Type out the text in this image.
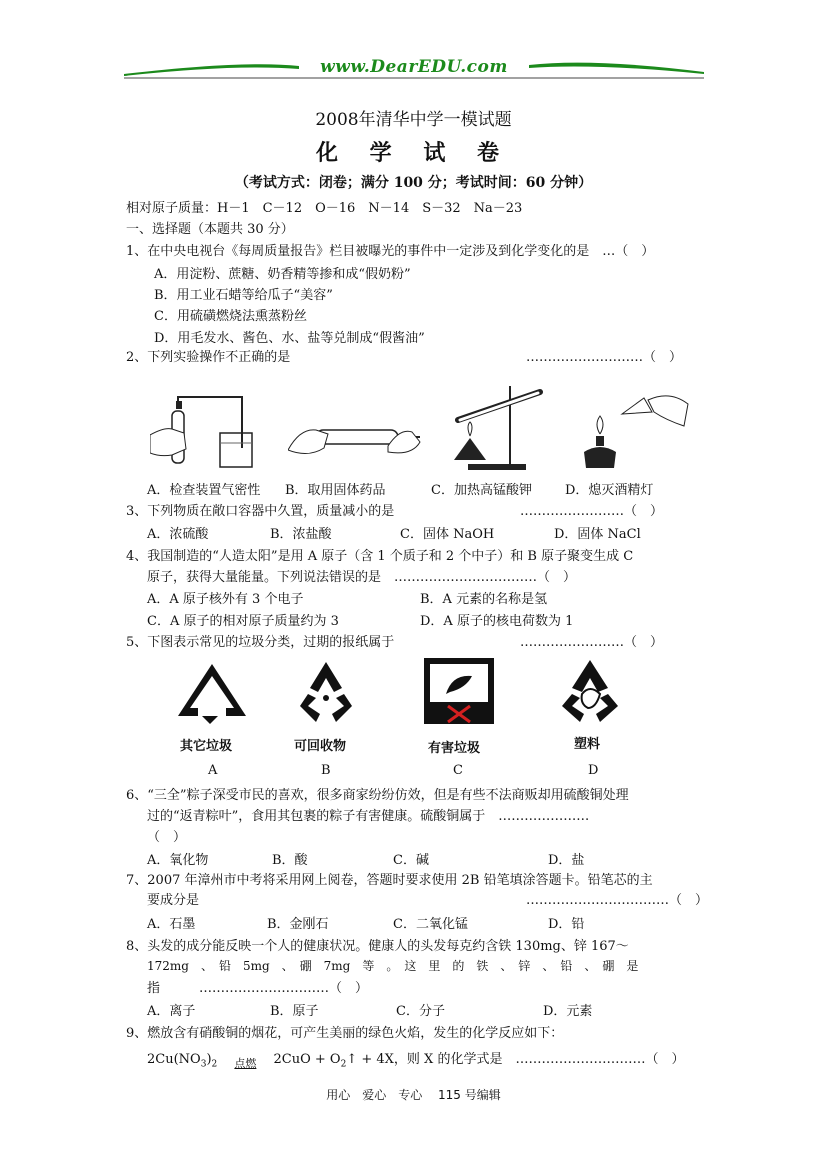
www.DearEDU.com
2008年清华中学一模试题
化 学 试 卷
（考试方式：闭卷；满分 100 分；考试时间：60 分钟）
相对原子质量：H－1　C－12　O－16　N－14　S－32　Na－23
一、选择题（本题共 30 分）
1、在中央电视台《每周质量报告》栏目被曝光的事件中一定涉及到化学变化的是　…（　）
A．用淀粉、蔗糖、奶香精等掺和成“假奶粉”
B．用工业石蜡等给瓜子“美容”
C．用硫磺燃烧法熏蒸粉丝
D．用毛发水、酱色、水、盐等兑制成“假酱油”
2、下列实验操作不正确的是	………………………（　）
A．检查装置气密性 B．取用固体药品	C．加热高锰酸钾	D．熄灭酒精灯
3、下列物质在敞口容器中久置，质量减小的是	……………………（　）
A．浓硫酸	B．浓盐酸	C．固体 NaOH	D．固体 NaCl
4、我国制造的“人造太阳”是用 A 原子（含 1 个质子和 2 个中子）和 B 原子聚变生成 C
原子，获得大量能量。下列说法错误的是　……………………………（　）
A．A 原子核外有 3 个电子	B．A 元素的名称是氢
C．A 原子的相对原子质量约为 3	D．A 原子的核电荷数为 1
5、下图表示常见的垃圾分类，过期的报纸属于	……………………（　）
其它垃圾	可回收物	有害垃圾	塑料
A	B	C	D
6、“三全”粽子深受市民的喜欢，很多商家纷纷仿效，但是有些不法商贩却用硫酸铜处理
过的“返青粽叶”，食用其包裹的粽子有害健康。硫酸铜属于　…………………
（　）
A．氧化物	B．酸	C．碱	D．盐
7、2007 年漳州市中考将采用网上阅卷，答题时要求使用 2B 铅笔填涂答题卡。铅笔芯的主
要成分是	……………………………（　）
A．石墨	B．金刚石	C．二氧化锰	D．铅
8、头发的成分能反映一个人的健康状况。健康人的头发每克约含铁 130mg、锌 167～
172mg　、　铅　5mg　、　硼　7mg　等　。　这　里　的　铁　、　锌　、　铅　、　硼　是
指　　　…………………………（　）
A．离子	B．原子	C．分子	D．元素
9、燃放含有硝酸铜的烟花，可产生美丽的绿色火焰，发生的化学反应如下：
$2Cu(NO_3)_2$	点燃	$2CuO + O_2↑ + 4X$，则 X 的化学式是　…………………………（　）
用心　爱心　专心　 115 号编辑
